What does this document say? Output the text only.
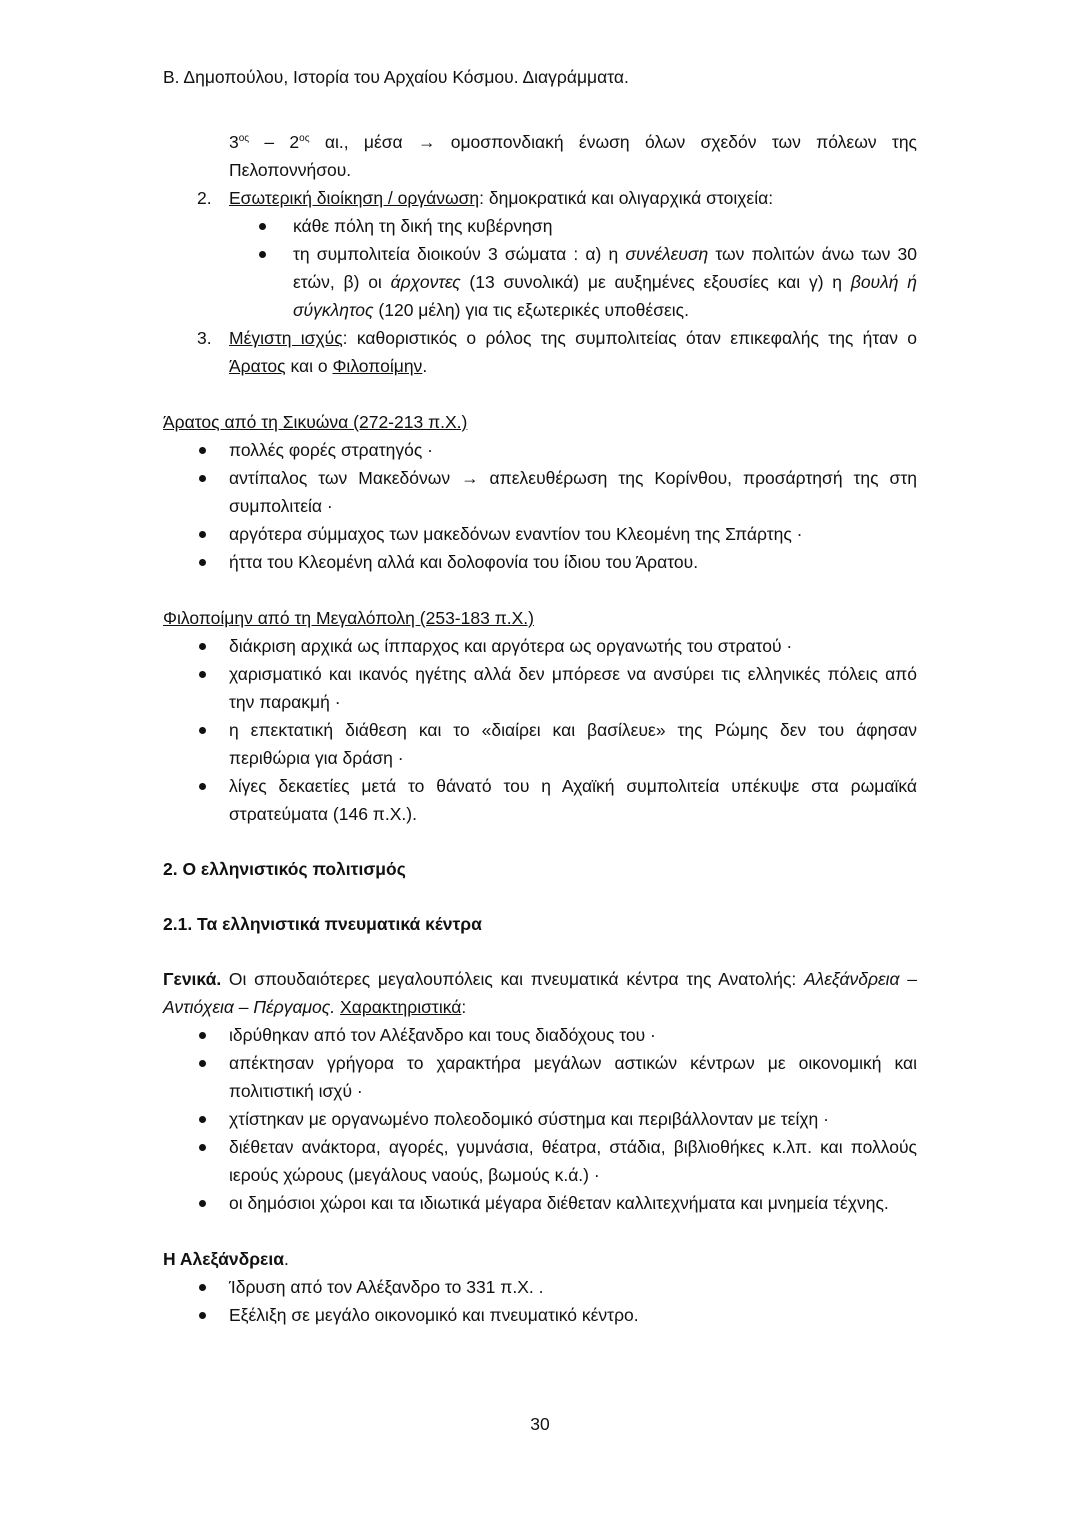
Β. Δημοπούλου, Ιστορία του Αρχαίου Κόσμου. Διαγράμματα.
$3^{o\varsigma} - 2^{o\varsigma}$ αι., μέσα → ομοσπονδιακή ένωση όλων σχεδόν των πόλεων της Πελοποννήσου.
2. Εσωτερική διοίκηση / οργάνωση: δημοκρατικά και ολιγαρχικά στοιχεία:
κάθε πόλη τη δική της κυβέρνηση
τη συμπολιτεία διοικούν 3 σώματα : α) η συνέλευση των πολιτών άνω των 30 ετών, β) οι άρχοντες (13 συνολικά) με αυξημένες εξουσίες και γ) η βουλή ή σύγκλητος (120 μέλη) για τις εξωτερικές υποθέσεις.
3. Μέγιστη ισχύς: καθοριστικός ο ρόλος της συμπολιτείας όταν επικεφαλής της ήταν ο Άρατος και ο Φιλοποίμην.
Άρατος από τη Σικυώνα (272-213 π.Χ.)
πολλές φορές στρατηγός ·
αντίπαλος των Μακεδόνων → απελευθέρωση της Κορίνθου, προσάρτησή της στη συμπολιτεία ·
αργότερα σύμμαχος των μακεδόνων εναντίον του Κλεομένη της Σπάρτης ·
ήττα του Κλεομένη αλλά και δολοφονία του ίδιου του Άρατου.
Φιλοποίμην από τη Μεγαλόπολη (253-183 π.Χ.)
διάκριση αρχικά ως ίππαρχος και αργότερα ως οργανωτής του στρατού ·
χαρισματικό και ικανός ηγέτης αλλά δεν μπόρεσε να ανσύρει τις ελληνικές πόλεις από την παρακμή ·
η επεκτατική διάθεση και το «διαίρει και βασίλευε» της Ρώμης δεν του άφησαν περιθώρια για δράση ·
λίγες δεκαετίες μετά το θάνατό του η Αχαϊκή συμπολιτεία υπέκυψε στα ρωμαϊκά στρατεύματα (146 π.Χ.).
2. Ο ελληνιστικός πολιτισμός
2.1. Τα ελληνιστικά πνευματικά κέντρα
Γενικά. Οι σπουδαιότερες μεγαλουπόλεις και πνευματικά κέντρα της Ανατολής: Αλεξάνδρεια – Αντιόχεια – Πέργαμος. Χαρακτηριστικά:
ιδρύθηκαν από τον Αλέξανδρο και τους διαδόχους του ·
απέκτησαν γρήγορα το χαρακτήρα μεγάλων αστικών κέντρων με οικονομική και πολιτιστική ισχύ ·
χτίστηκαν με οργανωμένο πολεοδομικό σύστημα και περιβάλλονταν με τείχη ·
διέθεταν ανάκτορα, αγορές, γυμνάσια, θέατρα, στάδια, βιβλιοθήκες κ.λπ. και πολλούς ιερούς χώρους (μεγάλους ναούς, βωμούς κ.ά.) ·
οι δημόσιοι χώροι και τα ιδιωτικά μέγαρα διέθεταν καλλιτεχνήματα και μνημεία τέχνης.
Η Αλεξάνδρεια.
Ίδρυση από τον Αλέξανδρο το 331 π.Χ. .
Εξέλιξη σε μεγάλο οικονομικό και πνευματικό κέντρο.
30
